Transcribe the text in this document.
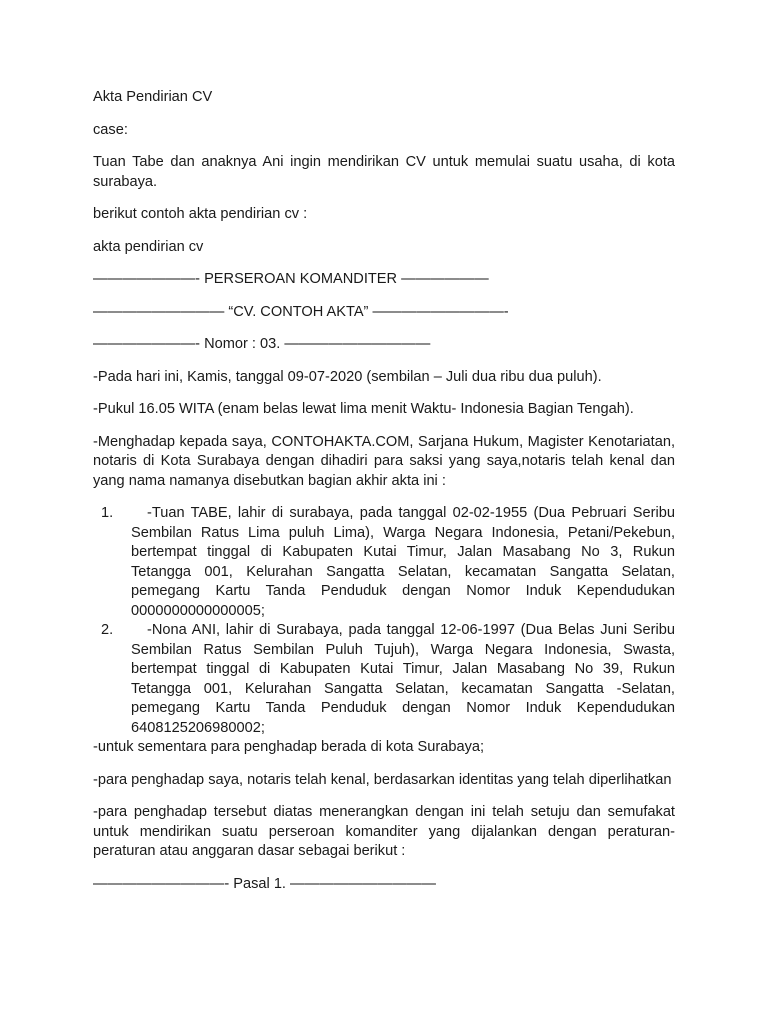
Akta Pendirian CV

case:

Tuan Tabe dan anaknya Ani ingin mendirikan CV untuk memulai suatu usaha, di kota surabaya.

berikut contoh akta pendirian cv :

akta pendirian cv

———————- PERSEROAN KOMANDITER ——————

————————— “CV. CONTOH AKTA” —————————-

———————- Nomor : 03. ——————————

-Pada hari ini, Kamis, tanggal 09-07-2020 (sembilan – Juli dua ribu dua puluh).

-Pukul 16.05 WITA (enam belas lewat lima menit Waktu- Indonesia Bagian Tengah).

-Menghadap kepada saya, CONTOHAKTA.COM, Sarjana Hukum, Magister Kenotariatan, notaris di Kota Surabaya dengan dihadiri para saksi yang saya,notaris telah kenal dan yang nama namanya disebutkan bagian akhir akta ini :

1.	-Tuan TABE, lahir di surabaya, pada tanggal 02-02-1955 (Dua Pebruari Seribu Sembilan Ratus Lima puluh Lima), Warga Negara Indonesia, Petani/Pekebun, bertempat tinggal di Kabupaten Kutai Timur, Jalan Masabang No 3, Rukun Tetangga 001, Kelurahan Sangatta Selatan, kecamatan Sangatta Selatan, pemegang Kartu Tanda Penduduk dengan Nomor Induk Kependudukan 0000000000000005;
2.	-Nona ANI, lahir di Surabaya, pada tanggal 12-06-1997 (Dua Belas Juni Seribu Sembilan Ratus Sembilan Puluh Tujuh), Warga Negara Indonesia, Swasta, bertempat tinggal di Kabupaten Kutai Timur, Jalan Masabang No 39, Rukun Tetangga 001, Kelurahan Sangatta Selatan, kecamatan Sangatta -Selatan, pemegang Kartu Tanda Penduduk dengan Nomor Induk Kependudukan 6408125206980002;

-untuk sementara para penghadap berada di kota Surabaya;

-para penghadap saya, notaris telah kenal, berdasarkan identitas yang telah diperlihatkan

-para penghadap tersebut diatas menerangkan dengan ini telah setuju dan semufakat untuk mendirikan suatu perseroan komanditer yang dijalankan dengan peraturan-peraturan atau anggaran dasar sebagai berikut :

—————————- Pasal 1. ——————————
